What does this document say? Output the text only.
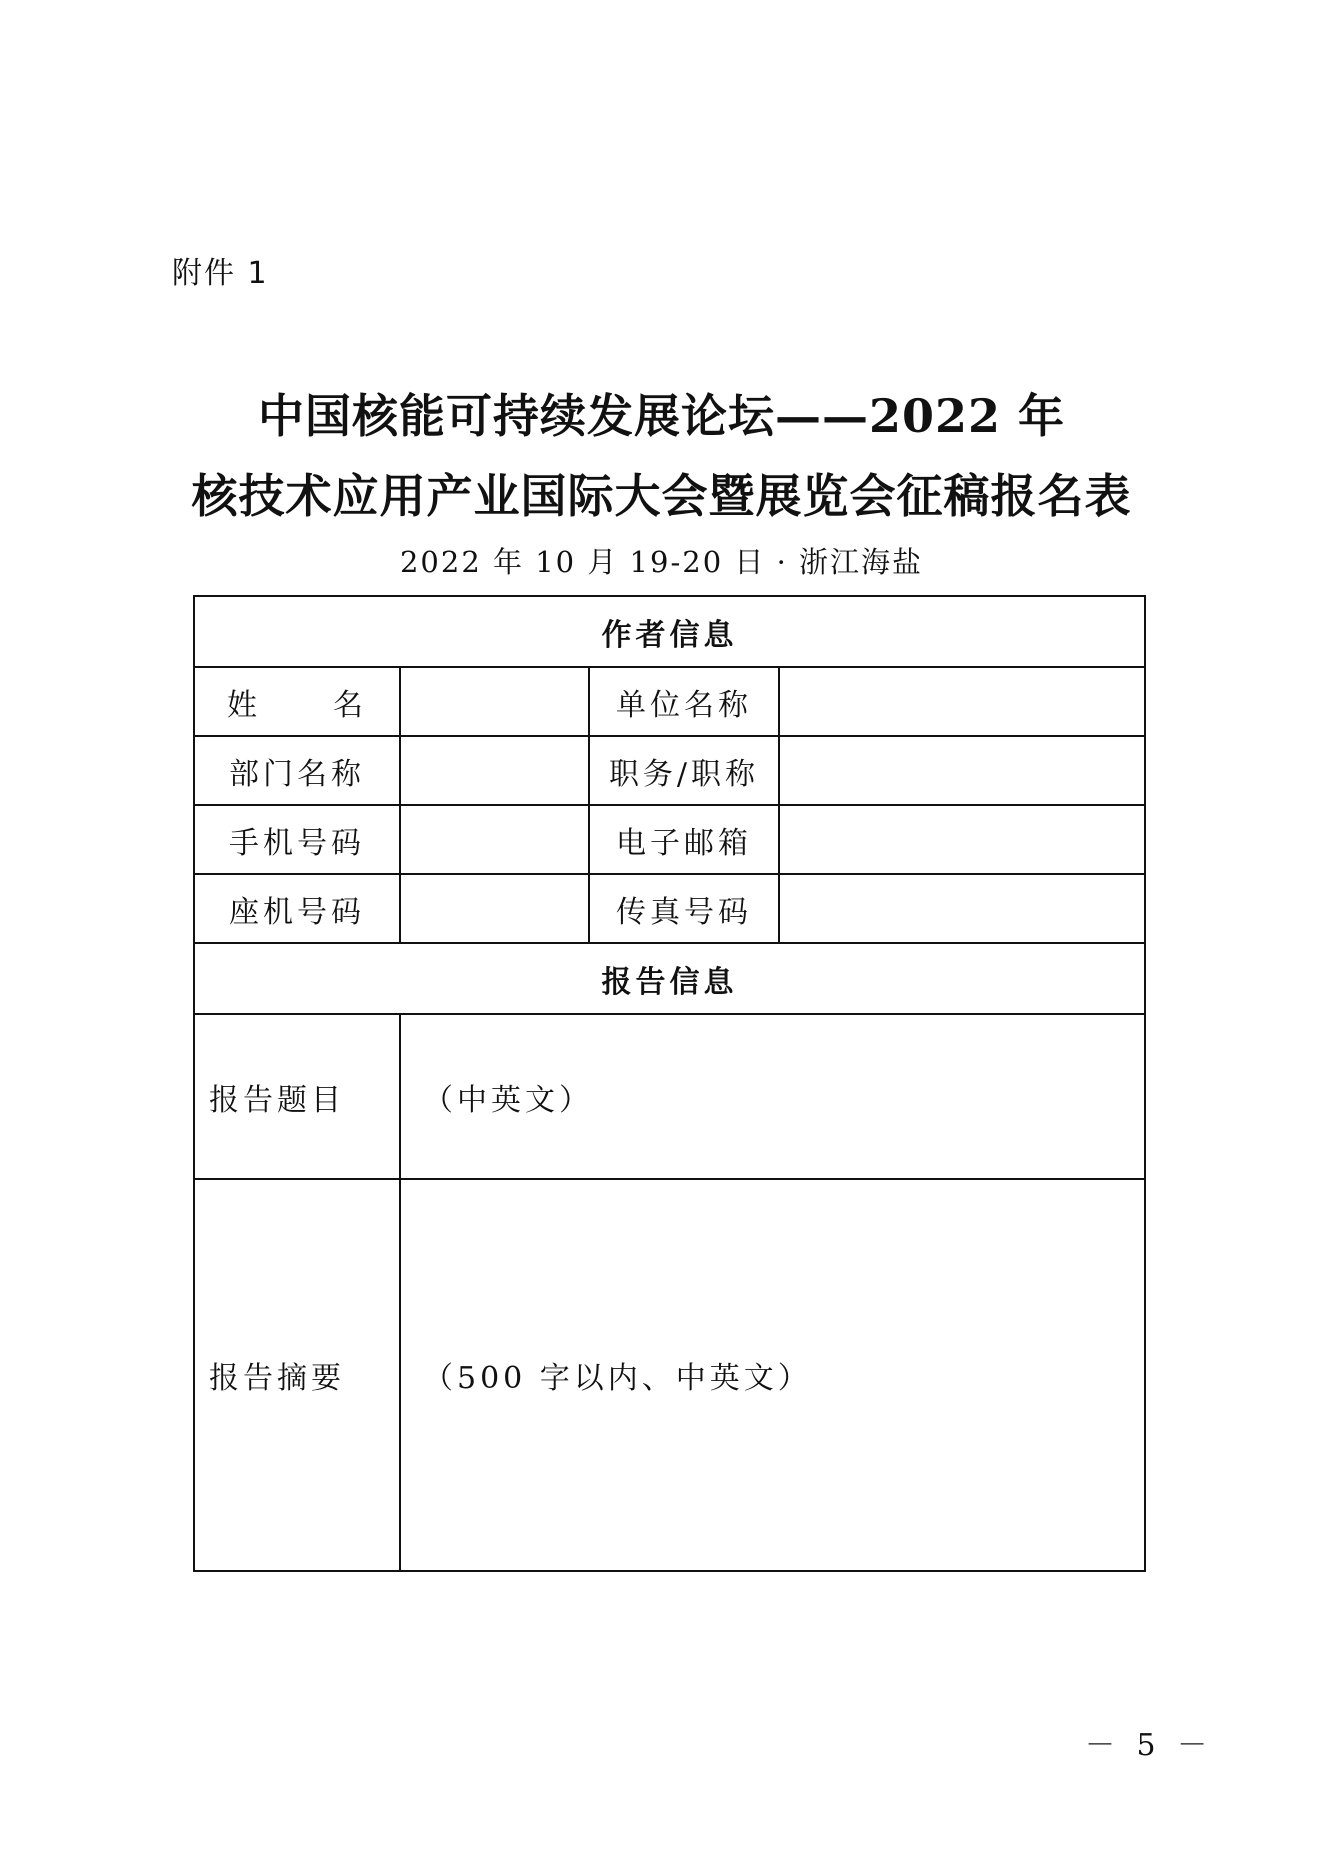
附件 1
中国核能可持续发展论坛——2022 年
核技术应用产业国际大会暨展览会征稿报名表
2022 年 10 月 19-20 日 · 浙江海盐
作者信息			
姓 名		单位名称	
部门名称		职务/职称	
手机号码		电子邮箱	
座机号码		传真号码	
报告信息			
报告题目	（中英文）		
报告摘要	（500 字以内、中英文）		
－ 5 －
